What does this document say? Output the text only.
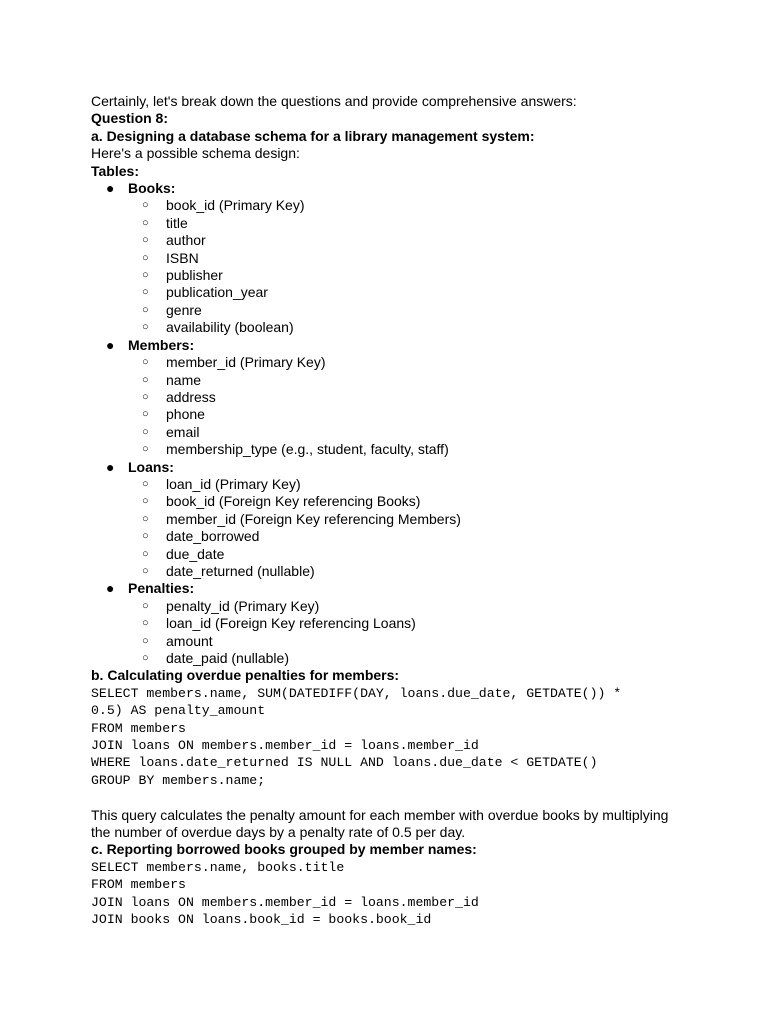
Certainly, let's break down the questions and provide comprehensive answers:
Question 8:
a. Designing a database schema for a library management system:
Here's a possible schema design:
Tables:
● Books:
○ book_id (Primary Key)
○ title
○ author
○ ISBN
○ publisher
○ publication_year
○ genre
○ availability (boolean)
● Members:
○ member_id (Primary Key)
○ name
○ address
○ phone
○ email
○ membership_type (e.g., student, faculty, staff)
● Loans:
○ loan_id (Primary Key)
○ book_id (Foreign Key referencing Books)
○ member_id (Foreign Key referencing Members)
○ date_borrowed
○ due_date
○ date_returned (nullable)
● Penalties:
○ penalty_id (Primary Key)
○ loan_id (Foreign Key referencing Loans)
○ amount
○ date_paid (nullable)
b. Calculating overdue penalties for members:
SELECT members.name, SUM(DATEDIFF(DAY, loans.due_date, GETDATE()) *
0.5) AS penalty_amount
FROM members
JOIN loans ON members.member_id = loans.member_id
WHERE loans.date_returned IS NULL AND loans.due_date < GETDATE()
GROUP BY members.name;
This query calculates the penalty amount for each member with overdue books by multiplying
the number of overdue days by a penalty rate of 0.5 per day.
c. Reporting borrowed books grouped by member names:
SELECT members.name, books.title
FROM members
JOIN loans ON members.member_id = loans.member_id
JOIN books ON loans.book_id = books.book_id
